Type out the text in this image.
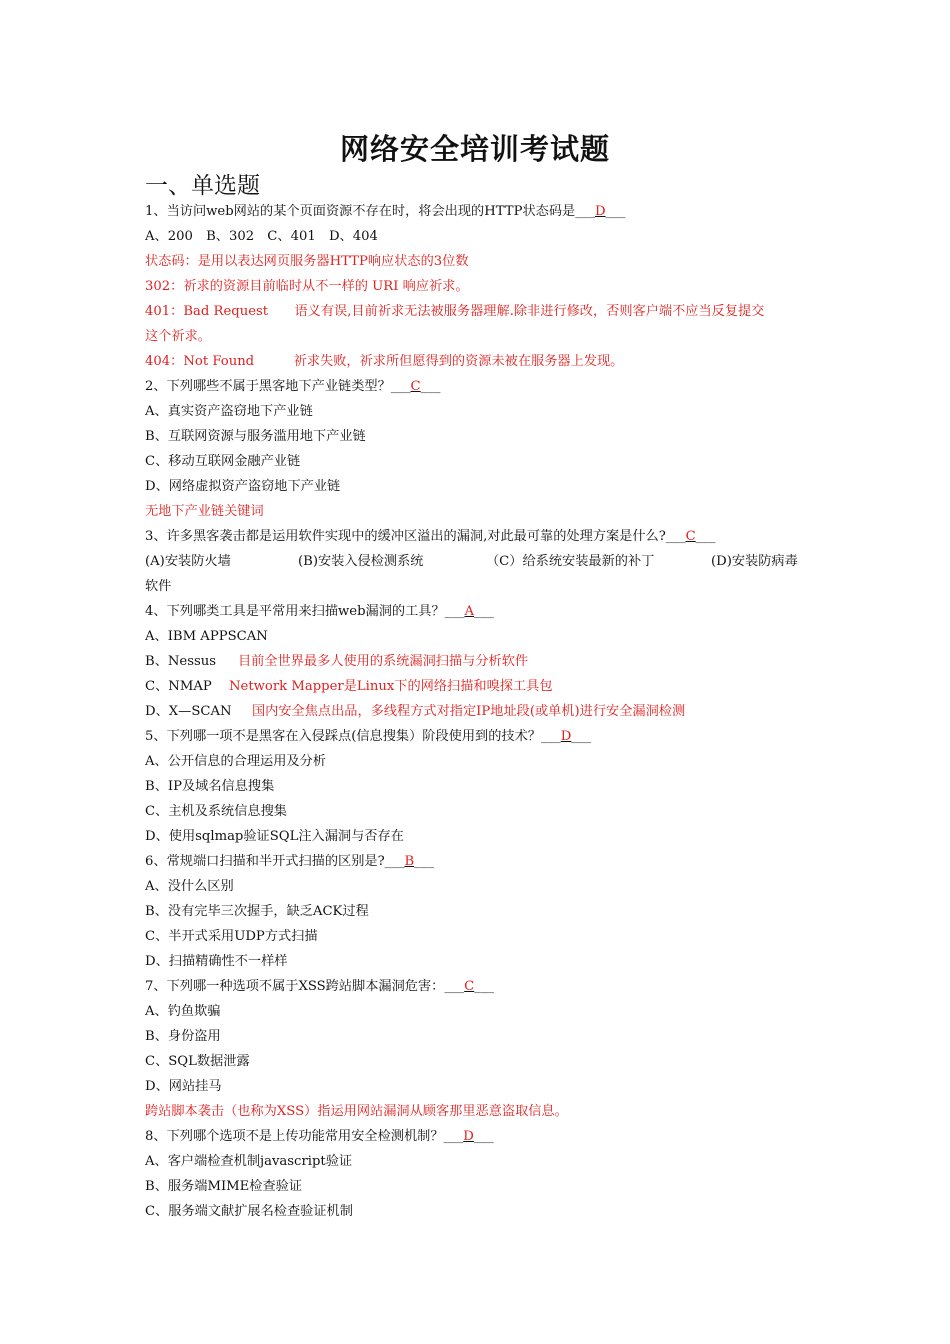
网络安全培训考试题
一、单选题
1、当访问web网站的某个页面资源不存在时，将会出现的HTTP状态码是___D___
A、200　B、302　C、401　D、404
状态码：是用以表达网页服务器HTTP响应状态的3位数
302：祈求的资源目前临时从不一样的 URI 响应祈求。
401：Bad Request　　语义有误,目前祈求无法被服务器理解.除非进行修改，否则客户端不应当反复提交
这个祈求。
404：Not Found　　　祈求失败，祈求所但愿得到的资源未被在服务器上发现。
2、下列哪些不属于黑客地下产业链类型？___C___
A、真实资产盗窃地下产业链
B、互联网资源与服务滥用地下产业链
C、移动互联网金融产业链
D、网络虚拟资产盗窃地下产业链
无地下产业链关键词
3、许多黑客袭击都是运用软件实现中的缓冲区溢出的漏洞,对此最可靠的处理方案是什么?___C___
(A)安装防火墙	(B)安装入侵检测系统	（C）给系统安装最新的补丁	(D)安装防病毒
软件
4、下列哪类工具是平常用来扫描web漏洞的工具？___A___
A、IBM APPSCAN
B、Nessus 目前全世界最多人使用的系统漏洞扫描与分析软件
C、NMAP Network Mapper是Linux下的网络扫描和嗅探工具包
D、X—SCAN 国内安全焦点出品，多线程方式对指定IP地址段(或单机)进行安全漏洞检测
5、下列哪一项不是黑客在入侵踩点(信息搜集）阶段使用到的技术？___D___
A、公开信息的合理运用及分析
B、IP及域名信息搜集
C、主机及系统信息搜集
D、使用sqlmap验证SQL注入漏洞与否存在
6、常规端口扫描和半开式扫描的区别是?___B___
A、没什么区别
B、没有完毕三次握手，缺乏ACK过程
C、半开式采用UDP方式扫描
D、扫描精确性不一样样
7、下列哪一种选项不属于XSS跨站脚本漏洞危害：___C___
A、钓鱼欺骗
B、身份盗用
C、SQL数据泄露
D、网站挂马
跨站脚本袭击（也称为XSS）指运用网站漏洞从顾客那里恶意盗取信息。
8、下列哪个选项不是上传功能常用安全检测机制？___D___
A、客户端检查机制javascript验证
B、服务端MIME检查验证
C、服务端文献扩展名检查验证机制
